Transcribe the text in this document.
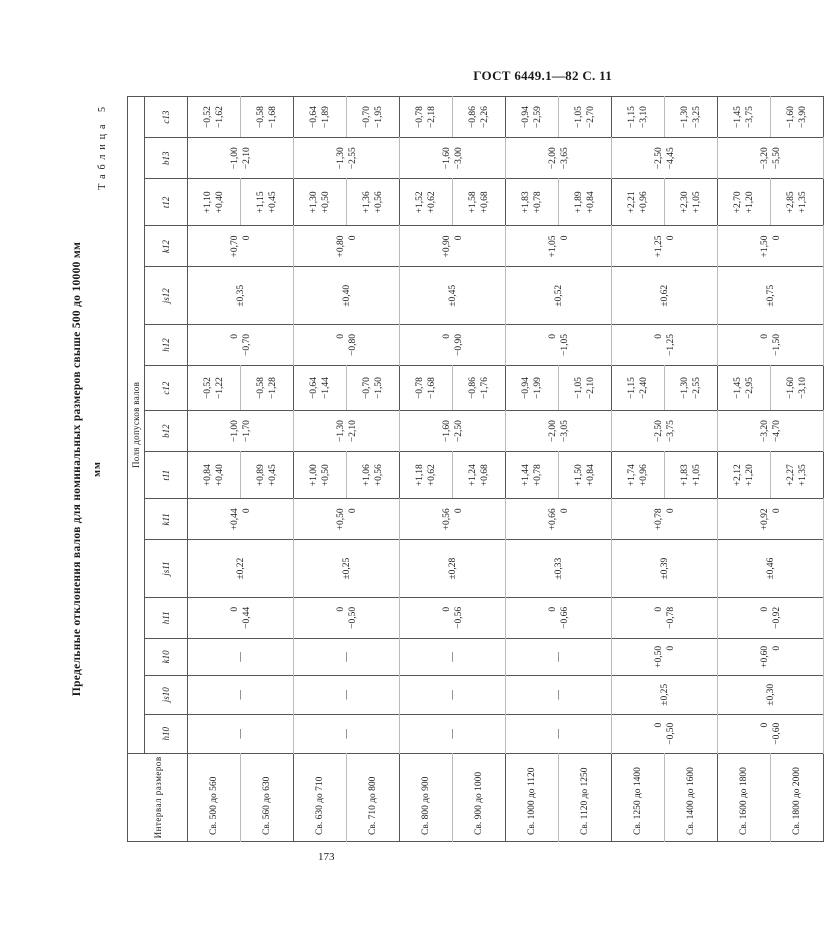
ГОСТ 6449.1—82 С. 11
Таблица 5
Предельные отклонения валов для номинальных размеров свыше 500 до 10000 мм мм
Интервал размеров	Поля допусков валов														
	h10	js10	k10	h11	js11	k11	t11	b12	c12	h12	js12	k12	t12	b13	c13
Св. 500 до 560	—	—	—	0 −0,44	±0,22	+0,44 0	+0,84 +0,40	−1,00 −1,70	−0,52 −1,22	0 −0,70	±0,35	+0,70 0	+1,10 +0,40	−1,00 −2,10	−0,52 −1,62

Св. 560 до 630							+0,89 +0,45		−0,58 −1,28				+1,15 +0,45		−0,58 −1,68

Св. 630 до 710	—	—	—	0 −0,50	±0,25	+0,50 0	+1,00 +0,50	−1,30 −2,10	−0,64 −1,44	0 −0,80	±0,40	+0,80 0	+1,30 +0,50	−1,30 −2,55	−0,64 −1,89

Св. 710 до 800							+1,06 +0,56		−0,70 −1,50				+1,36 +0,56		−0,70 −1,95

Св. 800 до 900	—	—	—	0 −0,56	±0,28	+0,56 0	+1,18 +0,62	−1,60 −2,50	−0,78 −1,68	0 −0,90	±0,45	+0,90 0	+1,52 +0,62	−1,60 −3,00	−0,78 −2,18

Св. 900 до 1000							+1,24 +0,68		−0,86 −1,76				+1,58 +0,68		−0,86 −2,26

Св. 1000 до 1120	—	—	—	0 −0,66	±0,33	+0,66 0	+1,44 +0,78	−2,00 −3,05	−0,94 −1,99	0 −1,05	±0,52	+1,05 0	+1,83 +0,78	−2,00 −3,65	−0,94 −2,59

Св. 1120 до 1250							+1,50 +0,84		−1,05 −2,10				+1,89 +0,84		−1,05 −2,70

Св. 1250 до 1400	0 −0,50	±0,25	+0,50 0	0 −0,78	±0,39	+0,78 0	+1,74 +0,96	−2,50 −3,75	−1,15 −2,40	0 −1,25	±0,62	+1,25 0	+2,21 +0,96	−2,50 −4,45	−1,15 −3,10

Св. 1400 до 1600							+1,83 +1,05		−1,30 −2,55				+2,30 +1,05		−1,30 −3,25

Св. 1600 до 1800	0 −0,60	±0,30	+0,60 0	0 −0,92	±0,46	+0,92 0	+2,12 +1,20	−3,20 −4,70	−1,45 −2,95	0 −1,50	±0,75	+1,50 0	+2,70 +1,20	−3,20 −5,50	−1,45 −3,75

Св. 1800 до 2000							+2,27 +1,35		−1,60 −3,10				+2,85 +1,35		−1,60 −3,90
173
